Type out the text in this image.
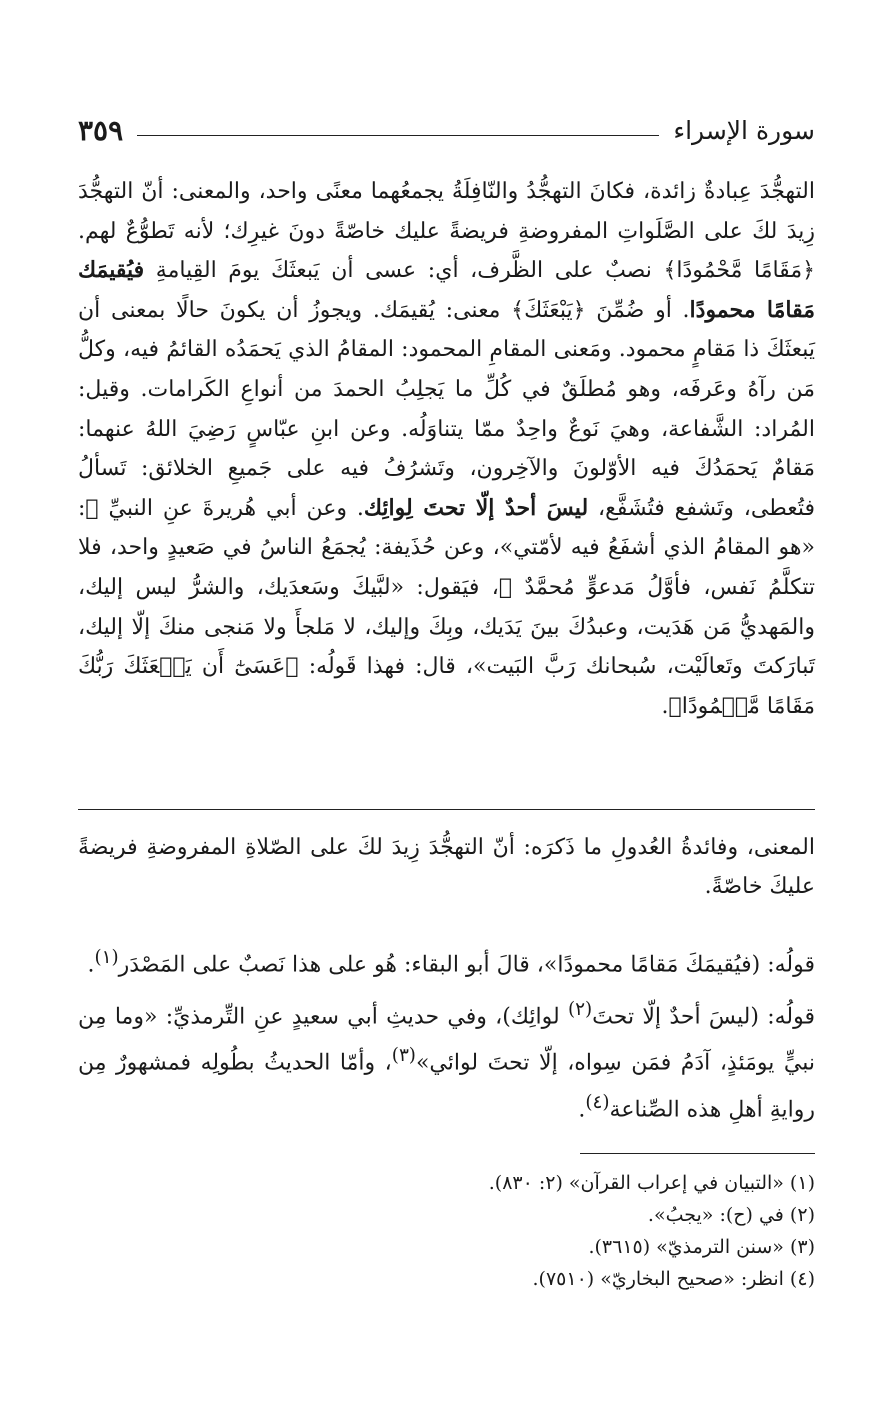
سورة الإسراء
٣٥٩

التهجُّدَ عِبادةٌ زائدة، فكانَ التهجُّدُ والنّافِلَةُ يجمعُهما معنًى واحد، والمعنى: أنّ التهجُّدَ زِيدَ لكَ على الصَّلَواتِ المفروضةِ فريضةً عليك خاصّةً دونَ غيرِك؛ لأنه تَطوُّعٌ لهم. ﴿مَقَامًا مَّحْمُودًا﴾ نصبٌ على الظَّرف، أي: عسى أن يَبعثَكَ يومَ القِيامةِ فيُقيمَك مَقامًا محمودًا. أو ضُمِّنَ ﴿يَبْعَثَكَ﴾ معنى: يُقيمَك. ويجوزُ أن يكونَ حالًا بمعنى أن يَبعثَكَ ذا مَقامٍ محمود. ومَعنى المقامِ المحمود: المقامُ الذي يَحمَدُه القائمُ فيه، وكلُّ مَن رآهُ وعَرفَه، وهو مُطلَقٌ في كُلِّ ما يَجلِبُ الحمدَ من أنواعِ الكَرامات. وقيل: المُراد: الشَّفاعة، وهيَ نَوعٌ واحِدٌ ممّا يتناوَلُه. وعن ابنِ عبّاسٍ رَضِيَ اللهُ عنهما: مَقامٌ يَحمَدُكَ فيه الأوّلونَ والآخِرون، وتَشرُفُ فيه على جَميعِ الخلائق: تَسألُ فتُعطى، وتَشفع فتُشَفَّع، ليسَ أحدٌ إلّا تحتَ لِوائِك. وعن أبي هُريرةَ عنِ النبيِّ ﷺ: «هو المقامُ الذي أشفَعُ فيه لأمّتي»، وعن حُذَيفة: يُجمَعُ الناسُ في صَعيدٍ واحد، فلا تتكلَّمُ نَفس، فأوَّلُ مَدعوٍّ مُحمَّدٌ ﷺ، فيَقول: «لبَّيكَ وسَعدَيك، والشرُّ ليس إليك، والمَهديُّ مَن هَدَيت، وعبدُكَ بينَ يَدَيك، وبِكَ وإليك، لا مَلجأَ ولا مَنجى منكَ إلّا إليك، تَبارَكتَ وتَعالَيْت، سُبحانك رَبَّ البَيت»، قال: فهذا قَولُه: ﴿عَسَىٰٓ أَن يَبۡعَثَكَ رَبُّكَ مَقَامًا مَّحۡمُودًا﴾.

المعنى، وفائدةُ العُدولِ ما ذَكرَه: أنّ التهجُّدَ زِيدَ لكَ على الصّلاةِ المفروضةِ فريضةً عليكَ خاصّةً.

قولُه: (فيُقيمَكَ مَقامًا محمودًا»، قالَ أبو البقاء: هُو على هذا نَصبٌ على المَصْدَر$^{(١)}$.

قولُه: (ليسَ أحدٌ إلّا تحتَ$^{(٢)}$ لوائِك)، وفي حديثِ أبي سعيدٍ عنِ التِّرمذيِّ: «وما مِن نبيٍّ يومَئذٍ، آدَمُ فمَن سِواه، إلّا تحتَ لوائي»$^{(٣)}$، وأمّا الحديثُ بطُولِه فمشهورٌ مِن روايةِ أهلِ هذه الصِّناعة$^{(٤)}$.

(١) «التبيان في إعراب القرآن» (٢: ٨٣٠).
(٢) في (ح): «يجبُ».
(٣) «سنن الترمذيّ» (٣٦١٥).
(٤) انظر: «صحيح البخاريّ» (٧٥١٠).
